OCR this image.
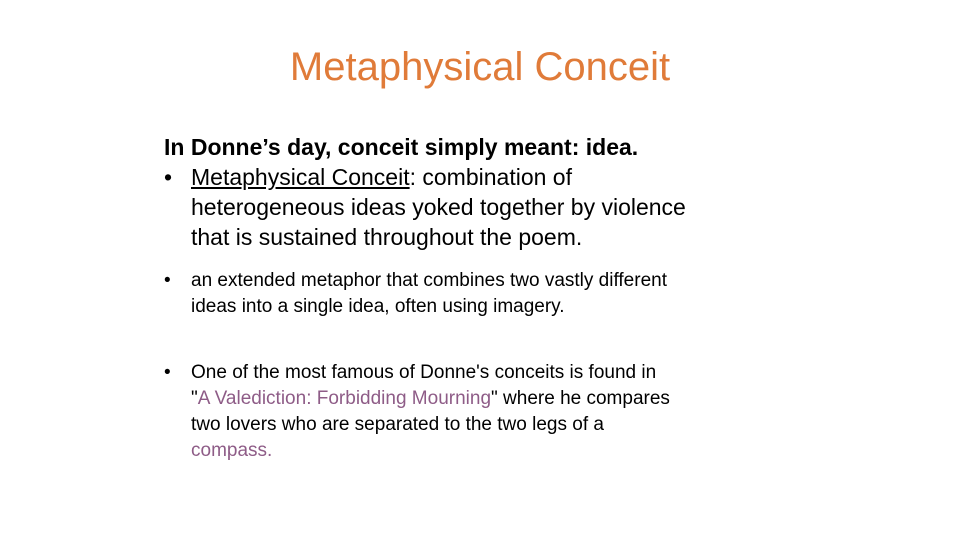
Metaphysical Conceit
In Donne’s day, conceit simply meant: idea.
• Metaphysical Conceit: combination of
heterogeneous ideas yoked together by violence
that is sustained throughout the poem.
• an extended metaphor that combines two vastly different
ideas into a single idea, often using imagery.
• One of the most famous of Donne's conceits is found in
"A Valediction: Forbidding Mourning" where he compares
two lovers who are separated to the two legs of a
compass.
